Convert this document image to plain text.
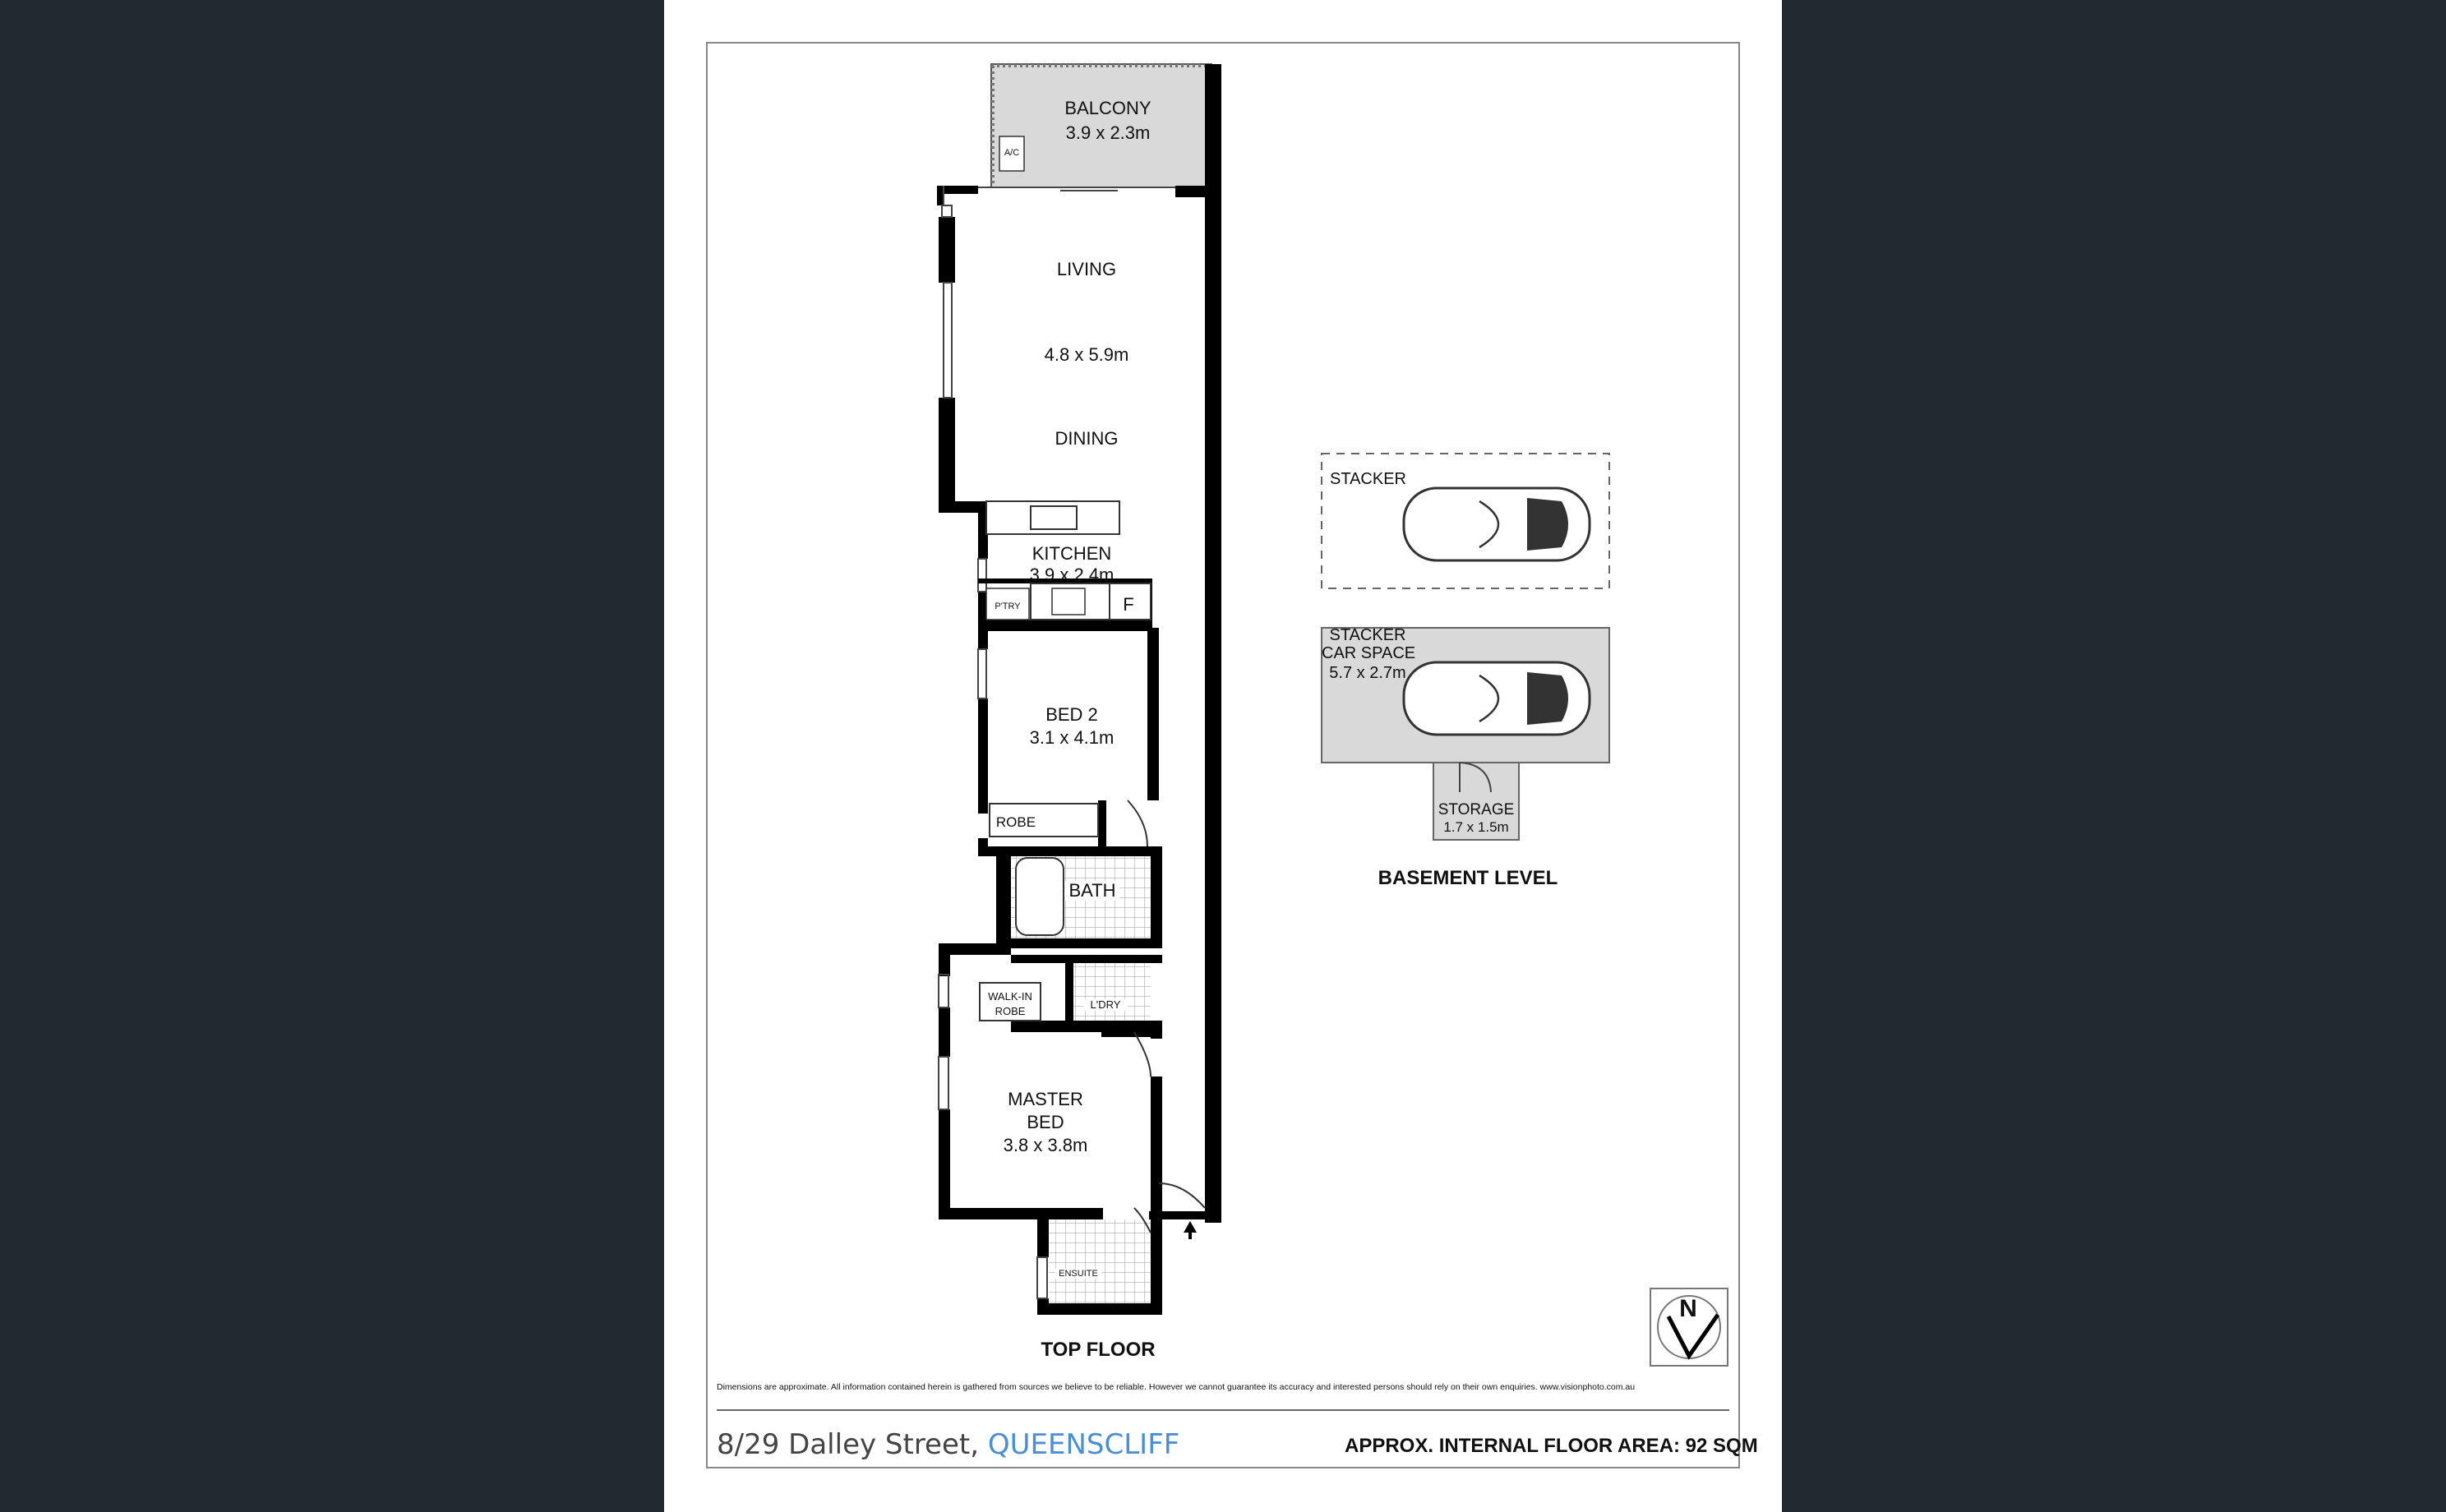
BALCONY
3.9 x 2.3m
A/C
LIVING
4.8 x 5.9m
DINING
KITCHEN
3.9 x 2.4m
P'TRY	F
BED 2
3.1 x 4.1m
ROBE
BATH
WALK-IN
ROBE
L'DRY
MASTER
BED
3.8 x 3.8m
ENSUITE
TOP FLOOR
STACKER
STACKER
CAR SPACE
5.7 x 2.7m
STORAGE
1.7 x 1.5m
BASEMENT LEVEL
N
Dimensions are approximate. All information contained herein is gathered from sources we believe to be reliable. However we cannot guarantee its accuracy and interested persons should rely on their own enquiries. www.visionphoto.com.au
8/29 Dalley Street, QUEENSCLIFF	APPROX. INTERNAL FLOOR AREA: 92 SQM
